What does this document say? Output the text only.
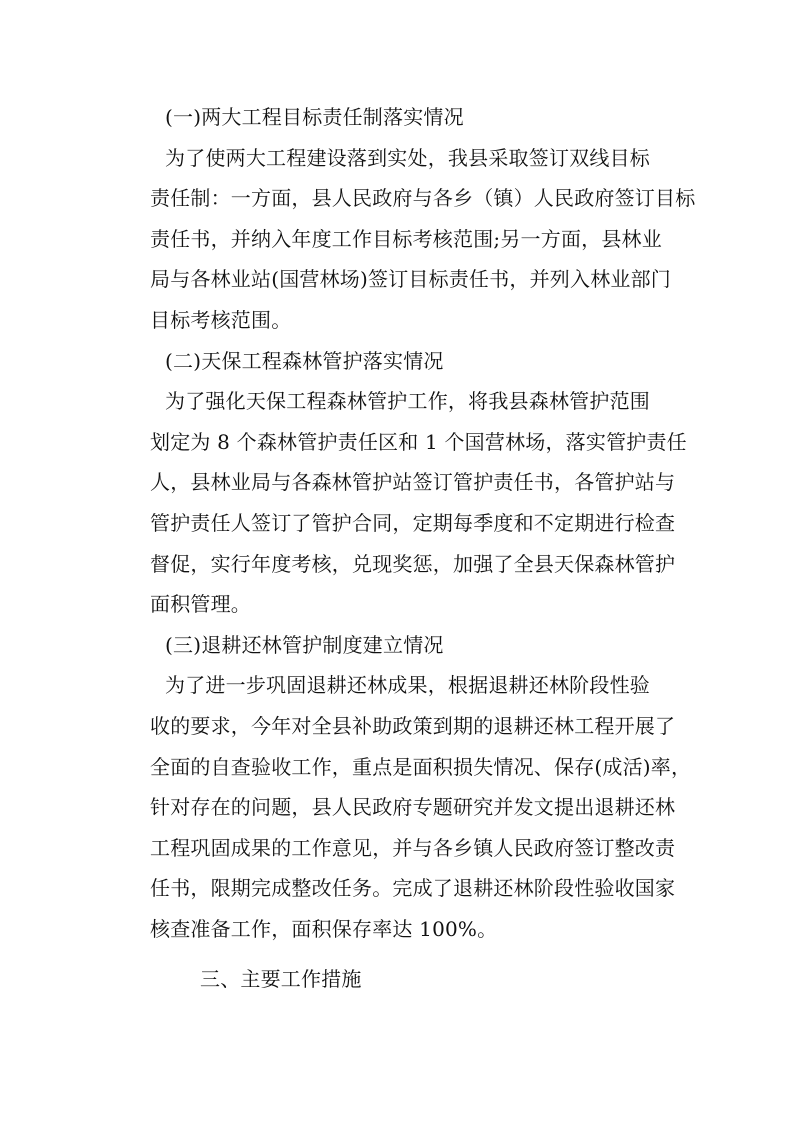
(一)两大工程目标责任制落实情况
为了使两大工程建设落到实处，我县采取签订双线目标
责任制：一方面，县人民政府与各乡（镇）人民政府签订目标
责任书，并纳入年度工作目标考核范围;另一方面，县林业
局与各林业站(国营林场)签订目标责任书，并列入林业部门
目标考核范围。
(二)天保工程森林管护落实情况
为了强化天保工程森林管护工作，将我县森林管护范围
划定为 8 个森林管护责任区和 1 个国营林场，落实管护责任
人，县林业局与各森林管护站签订管护责任书，各管护站与
管护责任人签订了管护合同，定期每季度和不定期进行检查
督促，实行年度考核，兑现奖惩，加强了全县天保森林管护
面积管理。
(三)退耕还林管护制度建立情况
为了进一步巩固退耕还林成果，根据退耕还林阶段性验
收的要求，今年对全县补助政策到期的退耕还林工程开展了
全面的自查验收工作，重点是面积损失情况、保存(成活)率，
针对存在的问题，县人民政府专题研究并发文提出退耕还林
工程巩固成果的工作意见，并与各乡镇人民政府签订整改责
任书，限期完成整改任务。完成了退耕还林阶段性验收国家
核查准备工作，面积保存率达 100%。
三、主要工作措施
